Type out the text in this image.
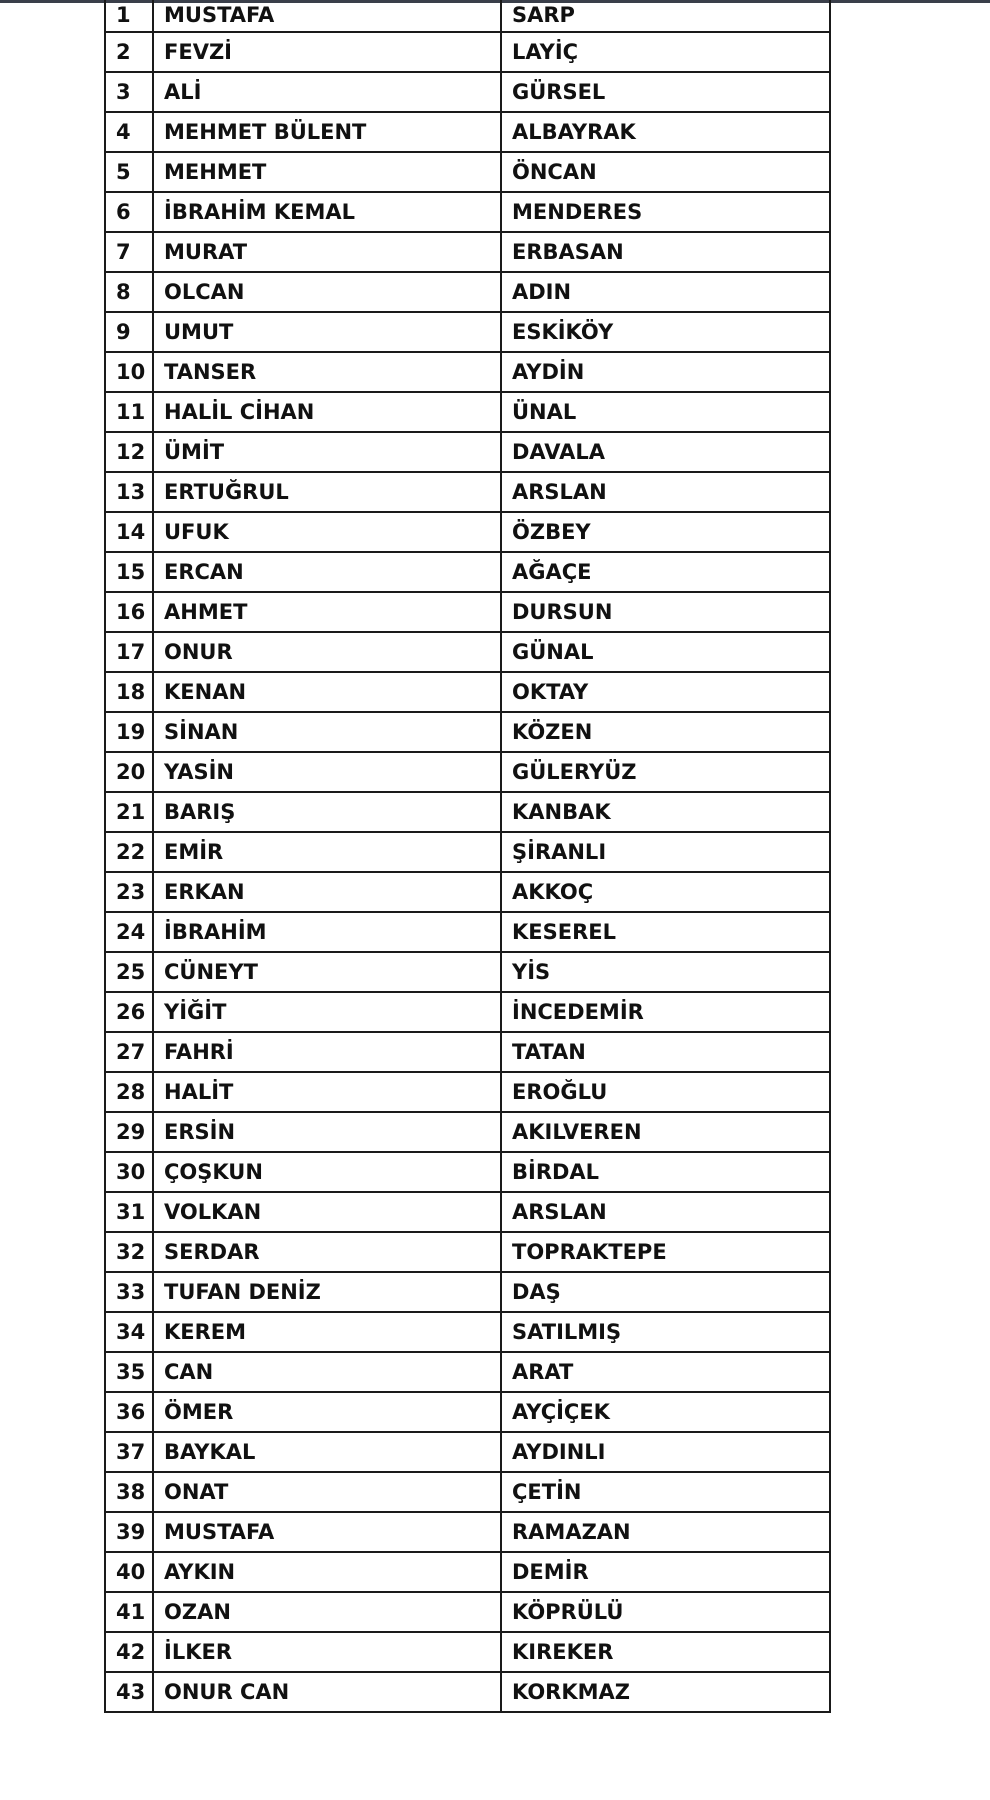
1	MUSTAFA	SARP
2	FEVZİ	LAYİÇ
3	ALİ	GÜRSEL
4	MEHMET BÜLENT	ALBAYRAK
5	MEHMET	ÖNCAN
6	İBRAHİM KEMAL	MENDERES
7	MURAT	ERBASAN
8	OLCAN	ADIN
9	UMUT	ESKİKÖY
10	TANSER	AYDİN
11	HALİL CİHAN	ÜNAL
12	ÜMİT	DAVALA
13	ERTUĞRUL	ARSLAN
14	UFUK	ÖZBEY
15	ERCAN	AĞAÇE
16	AHMET	DURSUN
17	ONUR	GÜNAL
18	KENAN	OKTAY
19	SİNAN	KÖZEN
20	YASİN	GÜLERYÜZ
21	BARIŞ	KANBAK
22	EMİR	ŞİRANLI
23	ERKAN	AKKOÇ
24	İBRAHİM	KESEREL
25	CÜNEYT	YİS
26	YİĞİT	İNCEDEMİR
27	FAHRİ	TATAN
28	HALİT	EROĞLU
29	ERSİN	AKILVEREN
30	ÇOŞKUN	BİRDAL
31	VOLKAN	ARSLAN
32	SERDAR	TOPRAKTEPE
33	TUFAN DENİZ	DAŞ
34	KEREM	SATILMIŞ
35	CAN	ARAT
36	ÖMER	AYÇİÇEK
37	BAYKAL	AYDINLI
38	ONAT	ÇETİN
39	MUSTAFA	RAMAZAN
40	AYKIN	DEMİR
41	OZAN	KÖPRÜLÜ
42	İLKER	KIREKER
43	ONUR CAN	KORKMAZ
